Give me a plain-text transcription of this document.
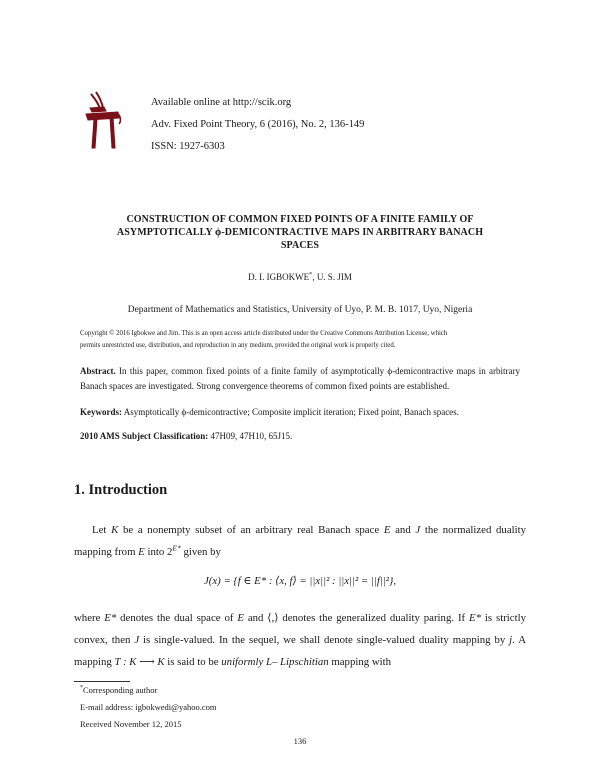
Available online at http://scik.org
Adv. Fixed Point Theory, 6 (2016), No. 2, 136-149
ISSN: 1927-6303
CONSTRUCTION OF COMMON FIXED POINTS OF A FINITE FAMILY OF
ASYMPTOTICALLY ϕ-DEMICONTRACTIVE MAPS IN ARBITRARY BANACH
SPACES
D. I. IGBOKWE*, U. S. JIM
Department of Mathematics and Statistics, University of Uyo, P. M. B. 1017, Uyo, Nigeria
Copyright © 2016 Igbokwe and Jim. This is an open access article distributed under the Creative Commons Attribution License, which
permits unrestricted use, distribution, and reproduction in any medium, provided the original work is properly cited.
Abstract. In this paper, common fixed points of a finite family of asymptotically ϕ-demicontractive maps in arbitrary Banach spaces are investigated. Strong convergence theorems of common fixed points are established.
Keywords: Asymptotically ϕ-demicontractive; Composite implicit iteration; Fixed point, Banach spaces.
2010 AMS Subject Classification: 47H09, 47H10, 65J15.
1. Introduction
Let K be a nonempty subset of an arbitrary real Banach space E and J the normalized duality mapping from E into $2^{E*}$ given by
J(x) = {f ∈ E* : ⟨x, f⟩ = ||x||² : ||x||² = ||f||²},
where E* denotes the dual space of E and ⟨,⟩ denotes the generalized duality paring. If E* is strictly convex, then J is single-valued. In the sequel, we shall denote single-valued duality mapping by j. A mapping T : K ⟶ K is said to be uniformly L– Lipschitian mapping with
*Corresponding author
E-mail address: igbokwedi@yahoo.com
Received November 12, 2015
136
